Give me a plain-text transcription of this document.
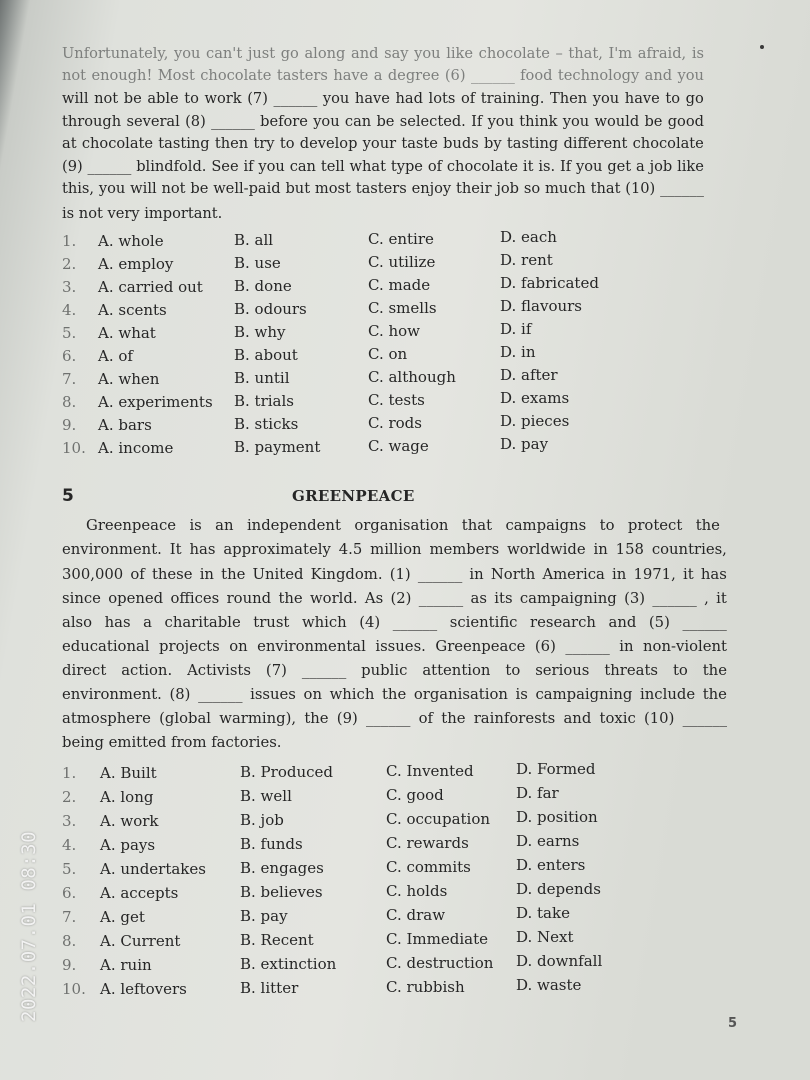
Unfortunately, you can't just go along and say you like chocolate – that, I'm afraid, is
not enough! Most chocolate tasters have a degree (6) ______ food technology and you
will not be able to work (7) ______ you have had lots of training. Then you have to go
through several (8) ______ before you can be selected. If you think you would be good
at chocolate tasting then try to develop your taste buds by tasting different chocolate
(9) ______ blindfold. See if you can tell what type of chocolate it is. If you get a job like
this, you will not be well-paid but most tasters enjoy their job so much that (10) ______
is not very important.
1. A. whole	B. all	C. entire	D. each
2. A. employ	B. use	C. utilize	D. rent
3. A. carried out B. done	C. made	D. fabricated
4. A. scents	B. odours	C. smells	D. flavours
5. A. what	B. why	C. how	D. if
6. A. of	B. about	C. on	D. in
7. A. when	B. until	C. although	D. after
8. A. experiments B. trials	C. tests	D. exams
9. A. bars	B. sticks	C. rods	D. pieces
10. A. income	B. payment	C. wage	D. pay
5	GREENPEACE
Greenpeace is an independent organisation that campaigns to protect the
environment. It has approximately 4.5 million members worldwide in 158 countries,
300,000 of these in the United Kingdom. (1) ______ in North America in 1971, it has
since opened offices round the world. As (2) ______ as its campaigning (3) ______ , it
also has a charitable trust which (4) ______ scientific research and (5) ______
educational projects on environmental issues. Greenpeace (6) ______ in non-violent
direct action. Activists (7) ______ public attention to serious threats to the
environment. (8) ______ issues on which the organisation is campaigning include the
atmosphere (global warming), the (9) ______ of the rainforests and toxic (10) ______
being emitted from factories.
1. A. Built	B. Produced	C. Invented	D. Formed
2. A. long	B. well	C. good	D. far
3. A. work	B. job	C. occupation D. position
4. A. pays	B. funds	C. rewards	D. earns
5. A. undertakes B. engages	C. commits	D. enters
6. A. accepts	B. believes	C. holds	D. depends
7. A. get	B. pay	C. draw	D. take
8. A. Current	B. Recent	C. Immediate D. Next
9. A. ruin	B. extinction	C. destruction D. downfall
10. A. leftovers	B. litter	C. rubbish	D. waste
5
2022.07.01 08:30
